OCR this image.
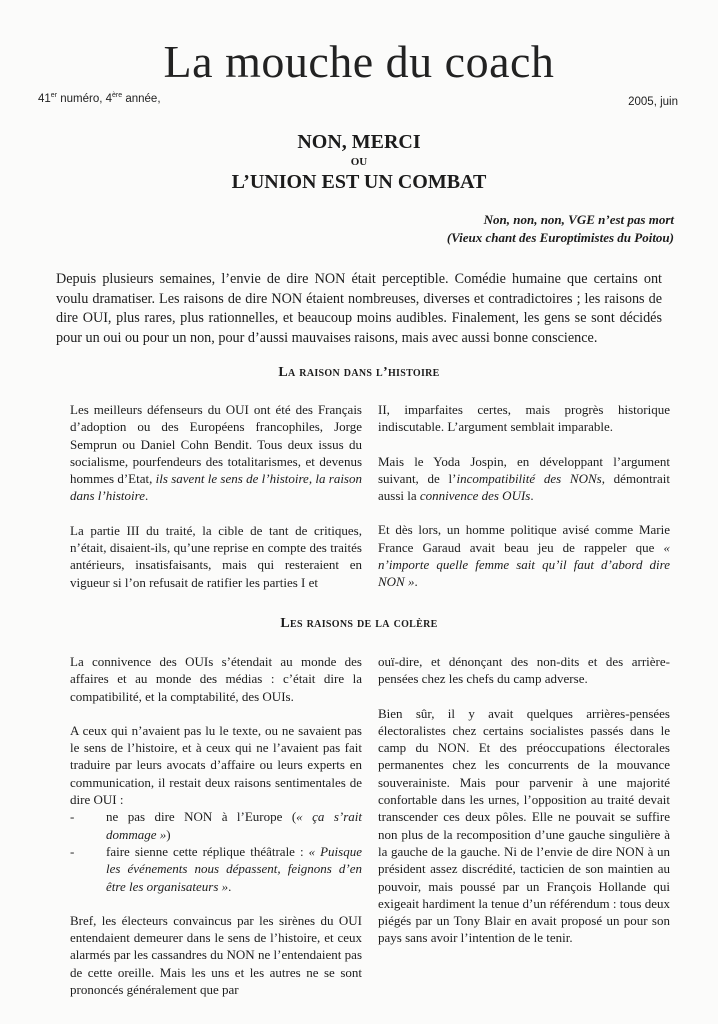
La mouche du coach
41er numéro, 4ère année,	2005, juin
NON, MERCI
OU
L’UNION EST UN COMBAT
Non, non, non, VGE n’est pas mort
(Vieux chant des Europtimistes du Poitou)
Depuis plusieurs semaines, l’envie de dire NON était perceptible. Comédie humaine que certains ont voulu dramatiser. Les raisons de dire NON étaient nombreuses, diverses et contradictoires ; les raisons de dire OUI, plus rares, plus rationnelles, et beaucoup moins audibles. Finalement, les gens se sont décidés pour un oui ou pour un non, pour d’aussi mauvaises raisons, mais avec aussi bonne conscience.
La raison dans l’histoire

Les meilleurs défenseurs du OUI ont été des Français d’adoption ou des Européens francophiles, Jorge Semprun ou Daniel Cohn Bendit. Tous deux issus du socialisme, pourfendeurs des totalitarismes, et devenus hommes d’Etat, ils savent le sens de l’histoire, la raison dans l’histoire.

La partie III du traité, la cible de tant de critiques, n’était, disaient-ils, qu’une reprise en compte des traités antérieurs, insatisfaisants, mais qui resteraient en vigueur si l’on refusait de ratifier les parties I et

II, imparfaites certes, mais progrès historique indiscutable. L’argument semblait imparable.

Mais le Yoda Jospin, en développant l’argument suivant, de l’incompatibilité des NONs, démontrait aussi la connivence des OUIs.

Et dès lors, un homme politique avisé comme Marie France Garaud avait beau jeu de rappeler que « n’importe quelle femme sait qu’il faut d’abord dire NON ».

Les raisons de la colère

La connivence des OUIs s’étendait au monde des affaires et au monde des médias : c’était dire la compatibilité, et la comptabilité, des OUIs.

A ceux qui n’avaient pas lu le texte, ou ne savaient pas le sens de l’histoire, et à ceux qui ne l’avaient pas fait traduire par leurs avocats d’affaire ou leurs experts en communication, il restait deux raisons sentimentales de dire OUI :

- ne pas dire NON à l’Europe (« ça s’rait dommage »)
- faire sienne cette réplique théâtrale : « Puisque les événements nous dépassent, feignons d’en être les organisateurs ».

Bref, les électeurs convaincus par les sirènes du OUI entendaient demeurer dans le sens de l’histoire, et ceux alarmés par les cassandres du NON ne l’entendaient pas de cette oreille. Mais les uns et les autres ne se sont prononcés généralement que par

ouï-dire, et dénonçant des non-dits et des arrière-pensées chez les chefs du camp adverse.

Bien sûr, il y avait quelques arrières-pensées électoralistes chez certains socialistes passés dans le camp du NON. Et des préoccupations électorales permanentes chez les concurrents de la mouvance souverainiste. Mais pour parvenir à une majorité confortable dans les urnes, l’opposition au traité devait transcender ces deux pôles. Elle ne pouvait se suffire non plus de la recomposition d’une gauche singulière à la gauche de la gauche. Ni de l’envie de dire NON à un président assez discrédité, tacticien de son maintien au pouvoir, mais poussé par un François Hollande qui exigeait hardiment la tenue d’un référendum : tous deux piégés par un Tony Blair en avait proposé un pour son pays sans avoir l’intention de le tenir.
